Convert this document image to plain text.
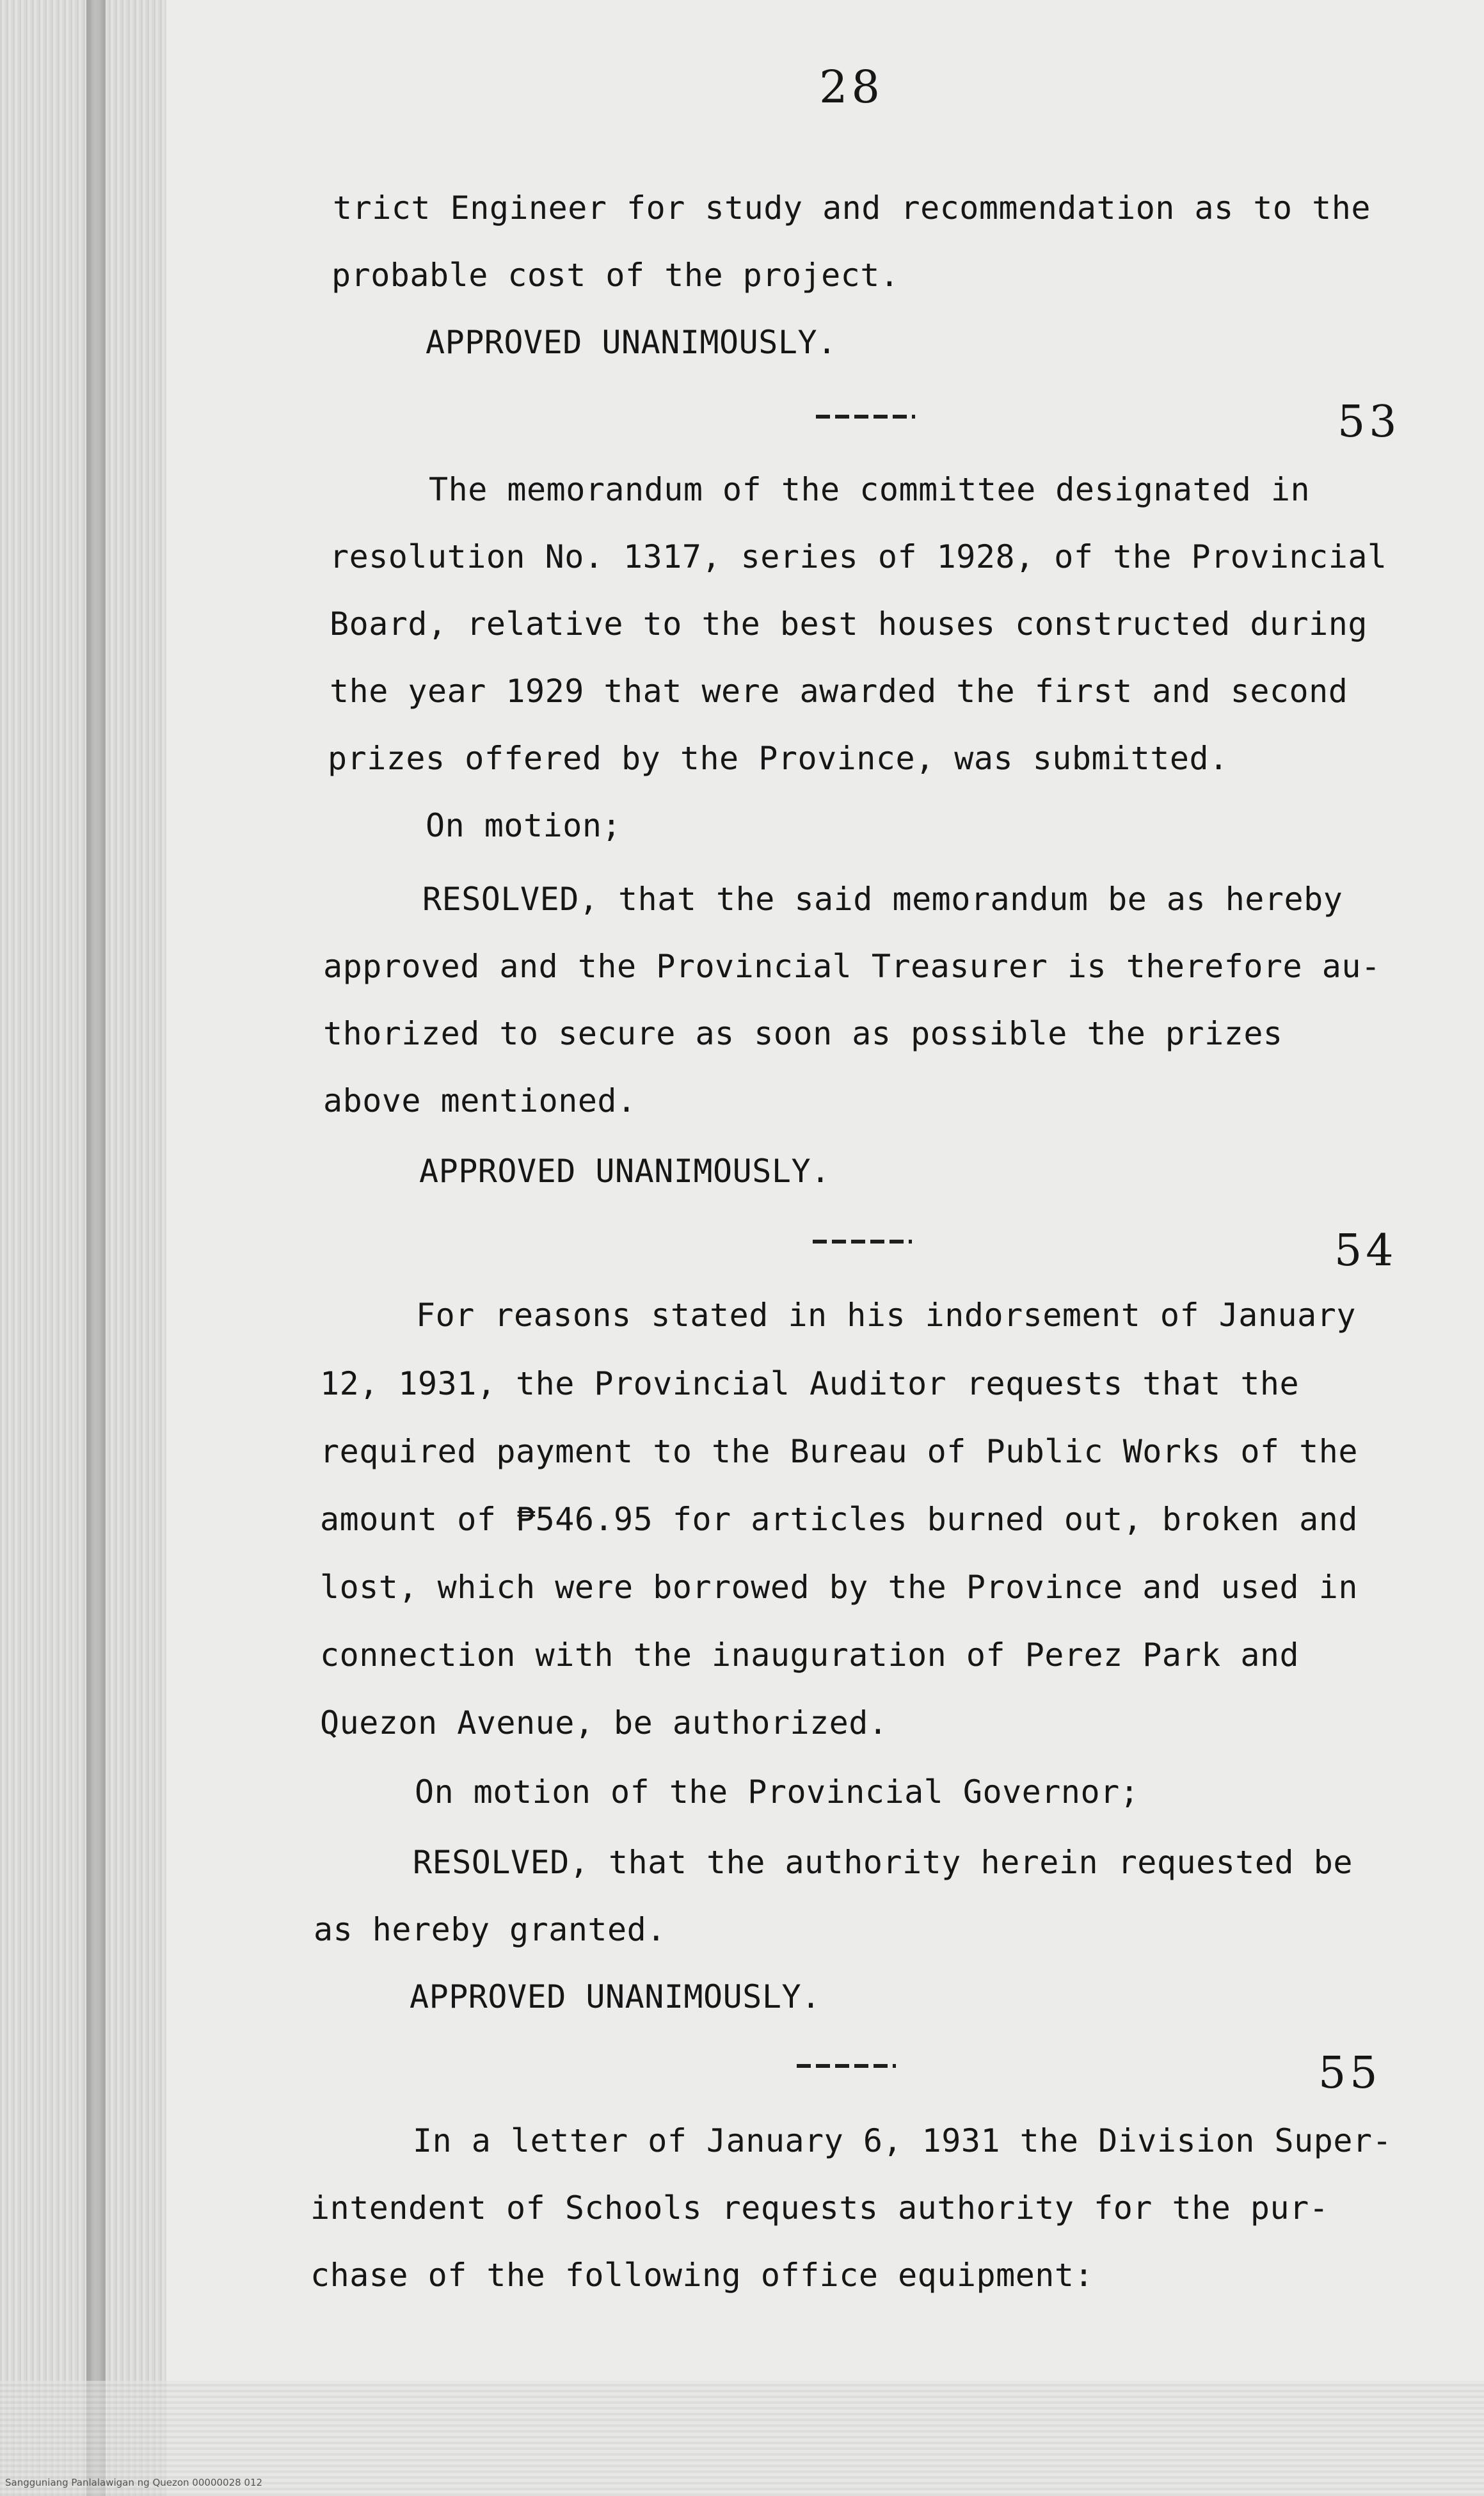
28
trict Engineer for study and recommendation as to the
probable cost of the project.
APPROVED UNANIMOUSLY.
53
The memorandum of the committee designated in
resolution No. 1317, series of 1928, of the Provincial
Board, relative to the best houses constructed during
the year 1929 that were awarded the first and second
prizes offered by the Province, was submitted.
On motion;
RESOLVED, that the said memorandum be as hereby
approved and the Provincial Treasurer is therefore au-
thorized to secure as soon as possible the prizes
above mentioned.
APPROVED UNANIMOUSLY.
54
For reasons stated in his indorsement of January
12, 1931, the Provincial Auditor requests that the
required payment to the Bureau of Public Works of the
amount of ₱546.95 for articles burned out, broken and
lost, which were borrowed by the Province and used in
connection with the inauguration of Perez Park and
Quezon Avenue, be authorized.
On motion of the Provincial Governor;
RESOLVED, that the authority herein requested be
as hereby granted.
APPROVED UNANIMOUSLY.
55
In a letter of January 6, 1931 the Division Super-
intendent of Schools requests authority for the pur-
chase of the following office equipment:
Sangguniang Panlalawigan ng Quezon 00000028 012
